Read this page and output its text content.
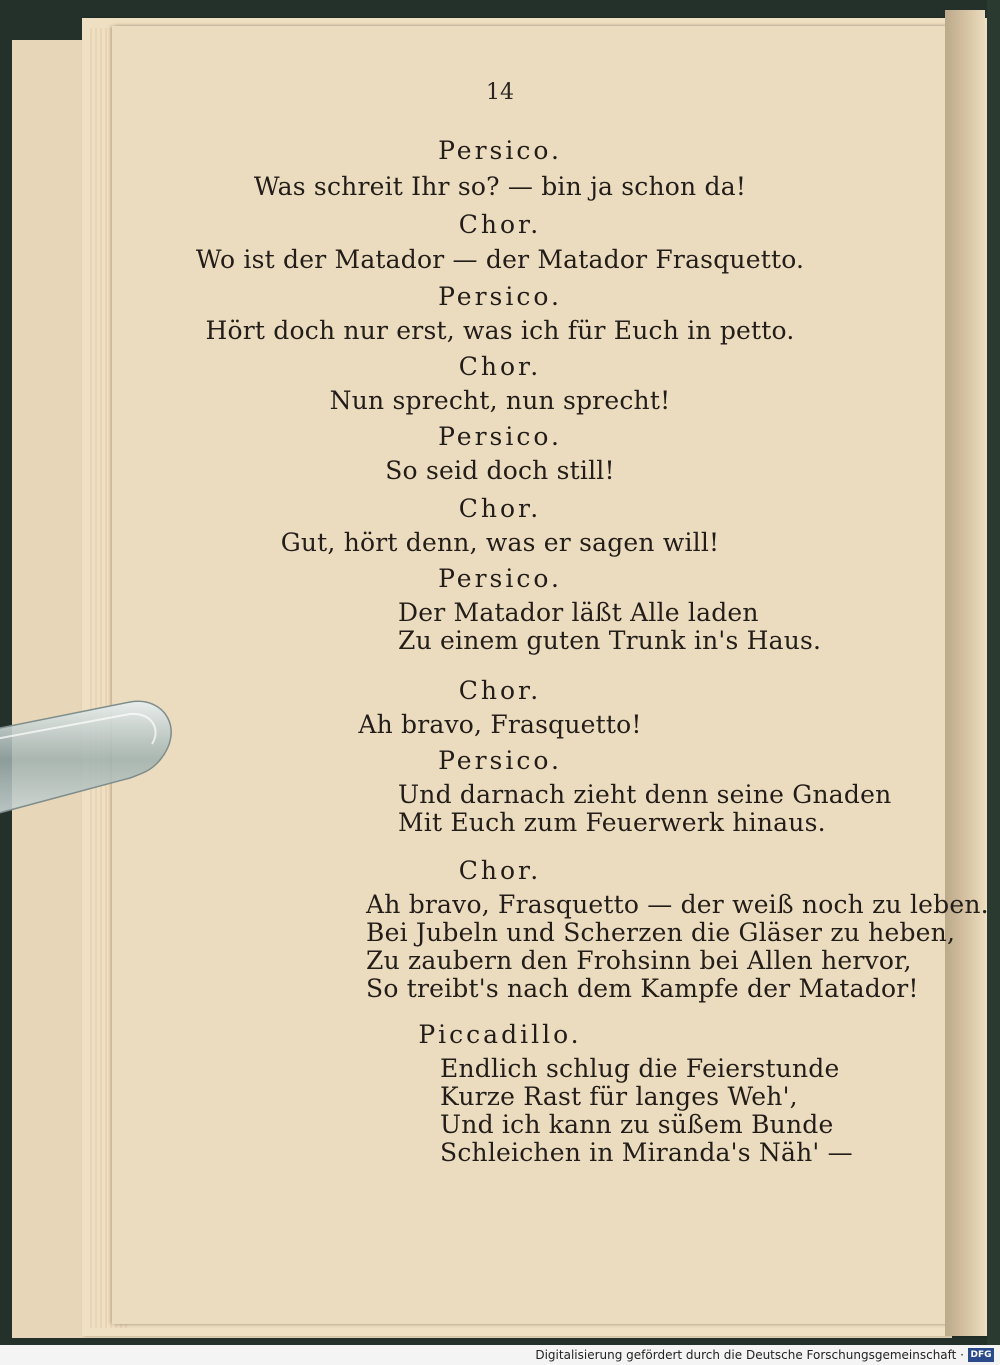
14
Persico.
Was schreit Ihr so? — bin ja schon da!
Chor.
Wo ist der Matador — der Matador Frasquetto.
Persico.
Hört doch nur erst, was ich für Euch in petto.
Chor.
Nun sprecht, nun sprecht!
Persico.
So seid doch still!
Chor.
Gut, hört denn, was er sagen will!
Persico.
Der Matador läßt Alle laden
Zu einem guten Trunk in's Haus.
Chor.
Ah bravo, Frasquetto!
Persico.
Und darnach zieht denn seine Gnaden
Mit Euch zum Feuerwerk hinaus.
Chor.
Ah bravo, Frasquetto — der weiß noch zu leben.
Bei Jubeln und Scherzen die Gläser zu heben,
Zu zaubern den Frohsinn bei Allen hervor,
So treibt's nach dem Kampfe der Matador!
Piccadillo.
Endlich schlug die Feierstunde
Kurze Rast für langes Weh',
Und ich kann zu süßem Bunde
Schleichen in Miranda's Näh' —
Digitalisierung gefördert durch die Deutsche Forschungsgemeinschaft · DFG
